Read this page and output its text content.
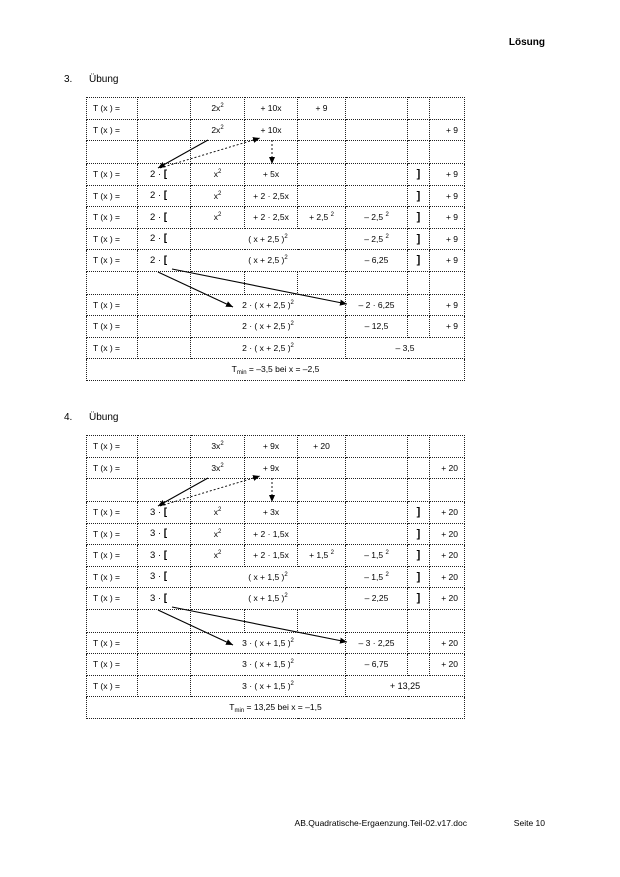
Lösung
3. Übung
T (x ) =		$2x^2$	+ 10x	+ 9			
T (x ) =		$2x^2$	+ 10x				+ 9

T (x ) =	2 · [	$x^2$	+ 5x			]	+ 9
T (x ) =	2 · [	$x^2$	+ 2 · 2,5x			]	+ 9
T (x ) =	2 · [	$x^2$	+ 2 · 2,5x	+ 2,5 $^2$	– 2,5 $^2$	]	+ 9
T (x ) =	2 · [	( x + 2,5 )$^2$			– 2,5 $^2$	]	+ 9
T (x ) =	2 · [	( x + 2,5 )$^2$			– 6,25	]	+ 9

T (x ) =		2 · ( x + 2,5 )$^2$			– 2 · 6,25		+ 9
T (x ) =		2 · ( x + 2,5 )$^2$			– 12,5		+ 9
T (x ) =		2 · ( x + 2,5 )$^2$			– 3,5		
$T_{min} = -3,5$ bei x = –2,5							
4. Übung
T (x ) =		$3x^2$	+ 9x	+ 20			
T (x ) =		$3x^2$	+ 9x				+ 20

T (x ) =	3 · [	$x^2$	+ 3x			]	+ 20
T (x ) =	3 · [	$x^2$	+ 2 · 1,5x			]	+ 20
T (x ) =	3 · [	$x^2$	+ 2 · 1,5x	+ 1,5 $^2$	– 1,5 $^2$	]	+ 20
T (x ) =	3 · [	( x + 1,5 )$^2$			– 1,5 $^2$	]	+ 20
T (x ) =	3 · [	( x + 1,5 )$^2$			– 2,25	]	+ 20

T (x ) =		3 · ( x + 1,5 )$^2$			– 3 · 2,25		+ 20
T (x ) =		3 · ( x + 1,5 )$^2$			– 6,75		+ 20
T (x ) =		3 · ( x + 1,5 )$^2$			+ 13,25		
$T_{min} = 13,25$ bei x = –1,5							
AB.Quadratische-Ergaenzung.Teil-02.v17.doc	Seite 10
